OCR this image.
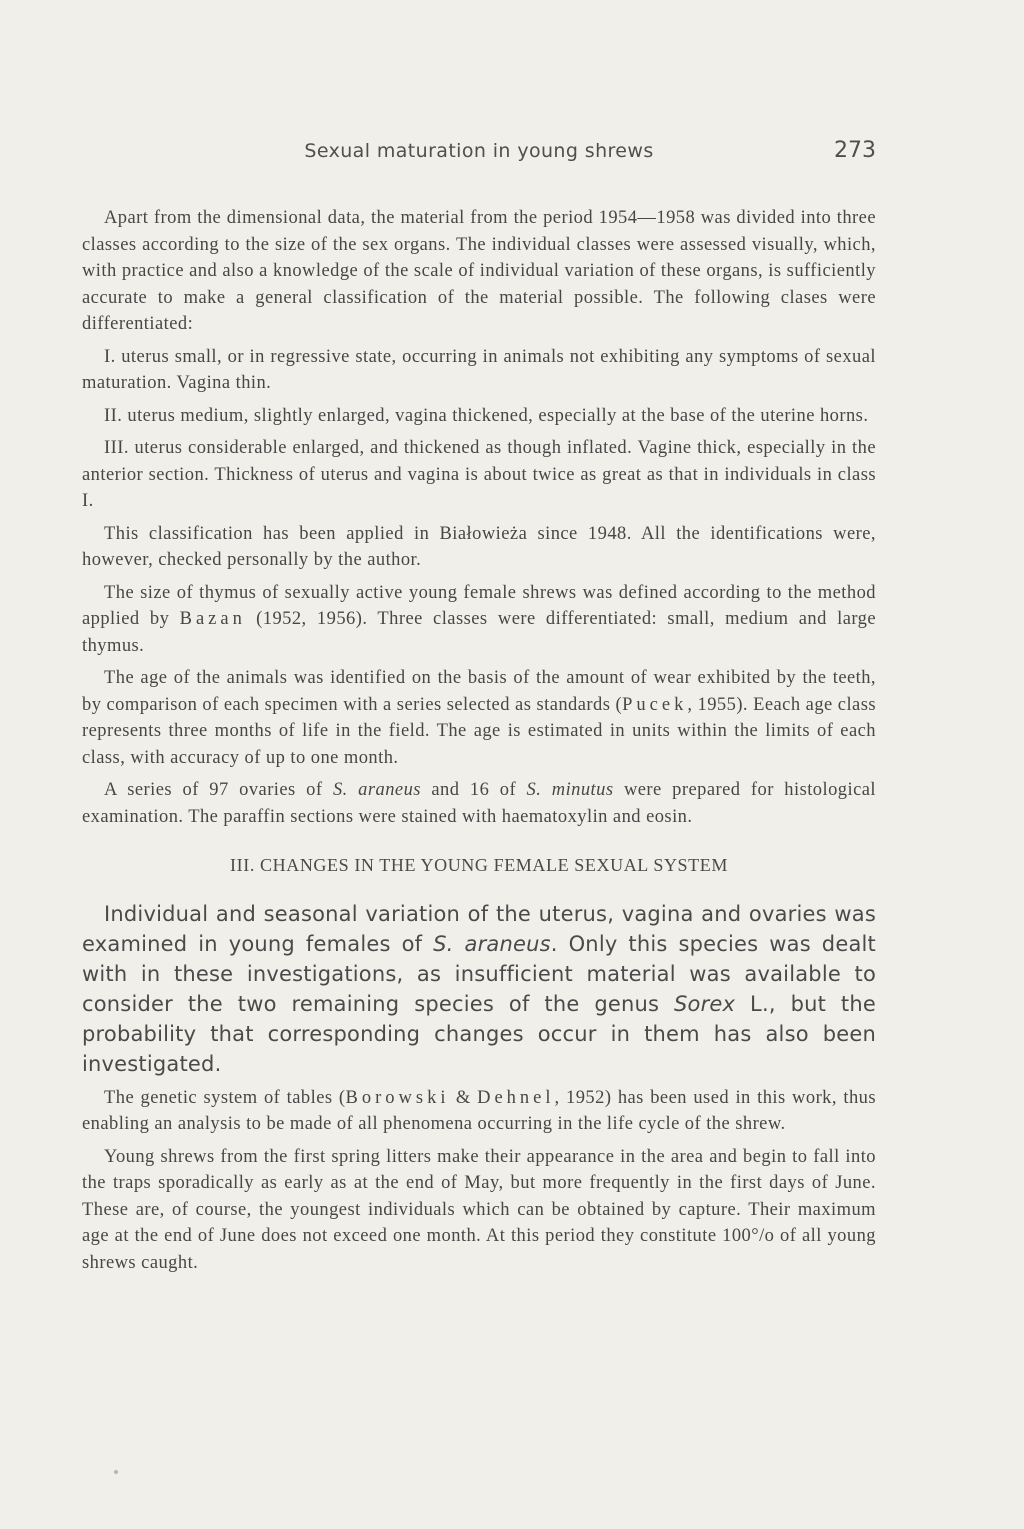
Sexual maturation in young shrews	273

Apart from the dimensional data, the material from the period 1954—1958 was divided into three classes according to the size of the sex organs. The individual classes were assessed visually, which, with practice and also a knowledge of the scale of individual variation of these organs, is sufficiently accurate to make a general classification of the material possible. The following clases were differentiated:

I. uterus small, or in regressive state, occurring in animals not exhibiting any symptoms of sexual maturation. Vagina thin.

II. uterus medium, slightly enlarged, vagina thickened, especially at the base of the uterine horns.

III. uterus considerable enlarged, and thickened as though inflated. Vagine thick, especially in the anterior section. Thickness of uterus and vagina is about twice as great as that in individuals in class I.

This classification has been applied in Białowieża since 1948. All the identifications were, however, checked personally by the author.

The size of thymus of sexually active young female shrews was defined according to the method applied by Bazan (1952, 1956). Three classes were differentiated: small, medium and large thymus.

The age of the animals was identified on the basis of the amount of wear exhibited by the teeth, by comparison of each specimen with a series selected as standards (Pucek, 1955). Eeach age class represents three months of life in the field. The age is estimated in units within the limits of each class, with accuracy of up to one month.

A series of 97 ovaries of S. araneus and 16 of S. minutus were prepared for histological examination. The paraffin sections were stained with haematoxylin and eosin.

III. CHANGES IN THE YOUNG FEMALE SEXUAL SYSTEM

Individual and seasonal variation of the uterus, vagina and ovaries was examined in young females of S. araneus. Only this species was dealt with in these investigations, as insufficient material was available to consider the two remaining species of the genus Sorex L., but the probability that corresponding changes occur in them has also been investigated.

The genetic system of tables (Borowski & Dehnel, 1952) has been used in this work, thus enabling an analysis to be made of all phenomena occurring in the life cycle of the shrew.

Young shrews from the first spring litters make their appearance in the area and begin to fall into the traps sporadically as early as at the end of May, but more frequently in the first days of June. These are, of course, the youngest individuals which can be obtained by capture. Their maximum age at the end of June does not exceed one month. At this period they constitute 100°/o of all young shrews caught.
